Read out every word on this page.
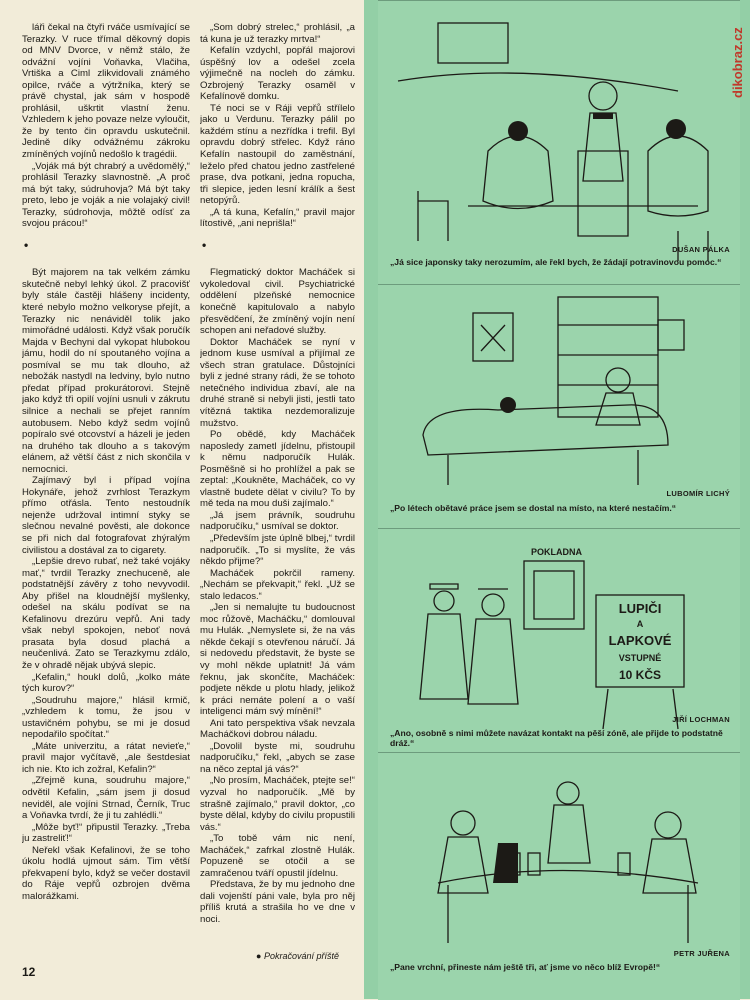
láři čekal na čtyři rváče usmívající se Terazky. V ruce třímal děkovný dopis od MNV Dvorce, v němž stálo, že odvážní vojíni Voňavka, Vlačiha, Vrtiška a Ciml zlikvidovali známého opilce, rváče a výtržníka, který se právě chystal, jak sám v hospodě prohlásil, uškrtit vlastní ženu. Vzhledem k jeho povaze nelze vyloučit, že by tento čin opravdu uskutečnil. Jedině díky odvážnému zákroku zmíněných vojínů nedošlo k tragédii.

„Voják má být chrabrý a uvědomělý,“ prohlásil Terazky slavnostně. „A proč má být taky, súdruhovja? Má být taky preto, lebo je voják a nie volajaký civil! Terazky, súdrohovja, môžtě odísť za svojou prácou!“

•

Být majorem na tak velkém zámku skutečně nebyl lehký úkol. Z pracovišť byly stále častěji hlášeny incidenty, které nebylo možno velkoryse přejít, a Terazky nic nenáviděl tolik jako mimořádné události. Když však poručík Majda v Bechyni dal vykopat hlubokou jámu, hodil do ní spoutaného vojína a posmíval se mu tak dlouho, až nebožák nastydl na ledviny, bylo nutno předat případ prokurátorovi. Stejně jako když tři opilí vojíni usnuli v zákrutu silnice a nechali se přejet ranním autobusem. Nebo když sedm vojínů popíralo své otcovství a házeli je jeden na druhého tak dlouho a s takovým elánem, až větší část z nich skončila v nemocnici.

Zajímavý byl i případ vojína Hokynáře, jehož zvrhlost Terazkym přímo otřásla. Tento nestoudník nejenže udržoval intimní styky se slečnou nevalné pověsti, ale dokonce se při nich dal fotografovat zhýralým civilistou a dostával za to cigarety.

„Lepšie drevo rubať, než také vojáky mať,“ tvrdil Terazky znechuceně, ale podstatnější závěry z toho nevyvodil. Aby přišel na kloudnější myšlenky, odešel na skálu podívat se na Kefalinovu drezúru vepřů. Ani tady však nebyl spokojen, neboť nová prasata byla dosud plachá a neučenlivá. Zato se Terazkymu zdálo, že v ohradě nějak ubývá slepic.

„Kefalin,“ houkl dolů, „kolko máte tých kurov?“

„Soudruhu majore,“ hlásil krmič, „vzhledem k tomu, že jsou v ustavičném pohybu, se mi je dosud nepodařilo spočítat.“

„Máte univerzitu, a rátat nevieťe,“ pravil major vyčítavě, „ale šestdesiat ich nie. Kto ich zožral, Kefalin?“

„Zřejmě kuna, soudruhu majore,“ odvětil Kefalin, „sám jsem ji dosud neviděl, ale vojíni Strnad, Černík, Truc a Voňavka tvrdí, že ji tu zahlédli.“

„Môže byť!“ připustil Terazky. „Treba ju zastreliť!“

Neřekl však Kefalinovi, že se toho úkolu hodlá ujmout sám. Tim větší překvapení bylo, když se večer dostavil do Ráje vepřů ozbrojen dvěma malorážkami.

„Som dobrý strelec,“ prohlásil, „a tá kuna je už terazky mrtva!“

Kefalín vzdychl, popřál majorovi úspěšný lov a odešel zcela výjimečně na nocleh do zámku. Ozbrojený Terazky osaměl v Kefalínově domku.

Té noci se v Ráji vepřů střílelo jako u Verdunu. Terazky pálil po každém stínu a nezřídka i trefil. Byl opravdu dobrý střelec. Když ráno Kefalín nastoupil do zaměstnání, leželo před chatou jedno zastřelené prase, dva potkani, jedna ropucha, tři slepice, jeden lesní králík a šest netopýrů.

„A tá kuna, Kefalín,“ pravil major lítostivě, „ani neprišla!“

•

Flegmatický doktor Macháček si vykoledoval civil. Psychiatrické oddělení plzeňské nemocnice konečně kapitulovalo a nabylo přesvědčení, že zmíněný vojín není schopen ani neřadové služby.

Doktor Macháček se nyní v jednom kuse usmíval a přijímal ze všech stran gratulace. Důstojníci byli z jedné strany rádi, že se tohoto netečného individua zbaví, ale na druhé straně si nebyli jisti, jestli tato vítězná taktika nezdemoralizuje mužstvo.

Po obědě, kdy Macháček naposledy zametl jídelnu, přistoupil k němu nadporučík Hulák. Posměšně si ho prohlížel a pak se zeptal: „Koukněte, Macháček, co vy vlastně budete dělat v civilu? To by mě teda na mou duši zajímalo.“

„Já jsem právník, soudruhu nadporučíku,“ usmíval se doktor.

„Především jste úplně blbej,“ tvrdil nadporučík. „To si myslíte, že vás někdo přijme?“

Macháček pokrčil rameny. „Nechám se překvapit,“ řekl. „Už se stalo ledacos.“

„Jen si nemalujte tu budoucnost moc růžově, Macháčku,“ domlouval mu Hulák. „Nemyslete si, že na vás někde čekají s otevřenou náručí. Já si nedovedu představit, že byste se vy mohl někde uplatnit! Já vám řeknu, jak skončíte, Macháček: podjete někde u plotu hlady, jelikož k práci nemáte polení a o vaší inteligenci mám svý mínění!“

Ani tato perspektiva však nevzala Macháčkovi dobrou náladu.

„Dovolil byste mi, soudruhu nadporučíku,“ řekl, „abych se zase na něco zeptal já vás?“

„No prosím, Macháček, ptejte se!“ vyzval ho nadporučík. „Mě by strašně zajímalo,“ pravil doktor, „co byste dělal, kdyby do civilu propustili vás.“

„To tobě vám nic není, Macháček,“ zafrkal zlostně Hulák. Popuzeně se otočil a se zamračenou tváří opustil jídelnu.

Představa, že by mu jednoho dne dali vojenští páni vale, byla pro něj příliš krutá a strašila ho ve dne v noci.

● Pokračování příště
12
DUŠAN PÁLKA
„Já sice japonsky taky nerozumím, ale řekl bych, že žádají potravinovou pomoc.“
LUBOMÍR LICHÝ
„Po létech obětavé práce jsem se dostal na místo, na které nestačím.“
POKLADNA
LUPIČI
A
LAPKOVÉ
VSTUPNÉ
10 KČS
JIŘÍ LOCHMAN
„Ano, osobně s nimi můžete navázat kontakt na pěší zóně, ale přijde to podstatně dráž.“
PETR JUŘENA
„Pane vrchní, přineste nám ještě tři, ať jsme vo něco blíž Evropě!“
dikobraz.cz
